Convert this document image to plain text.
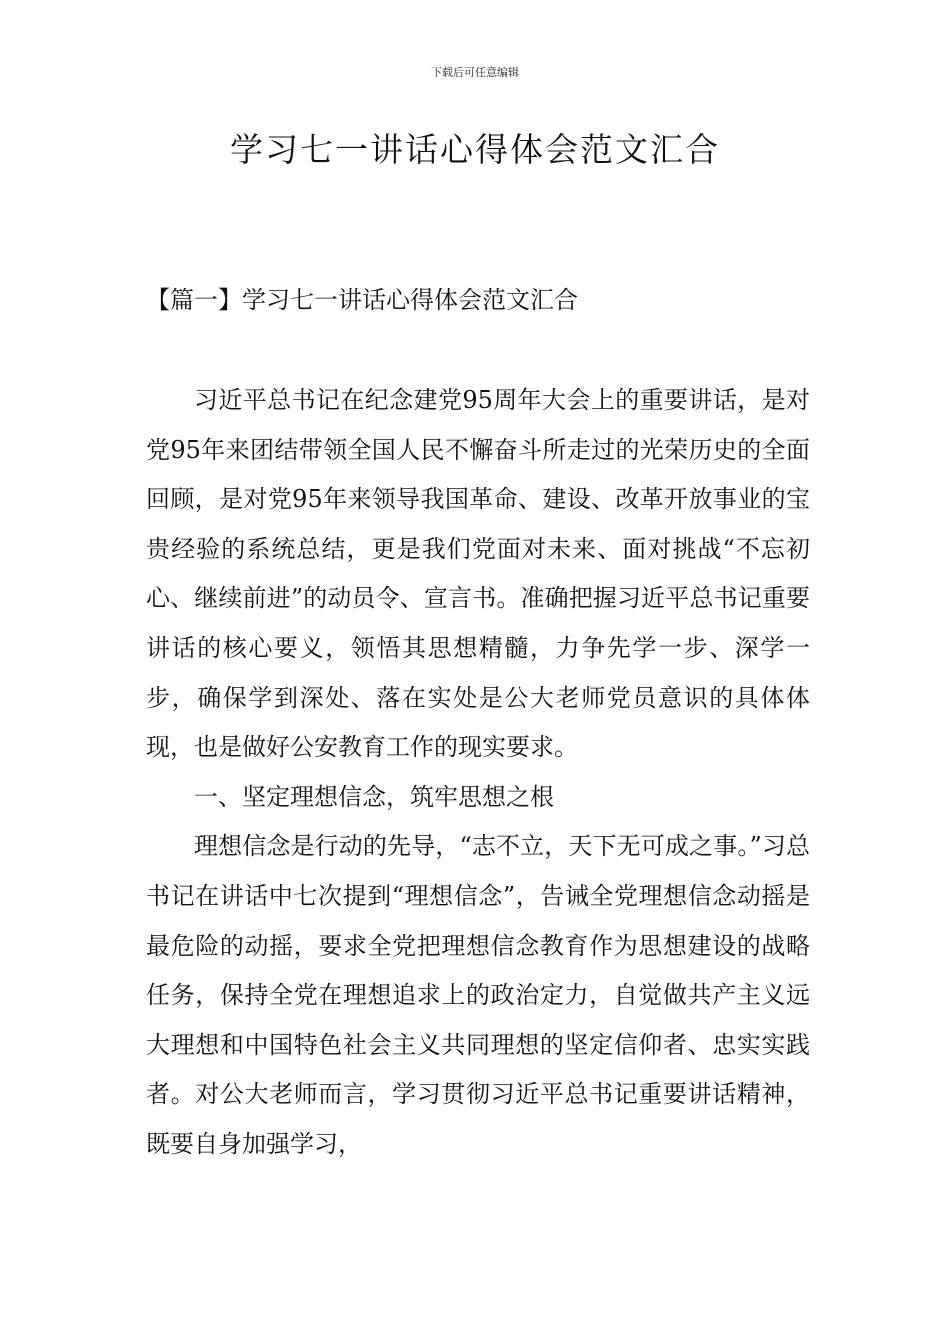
下载后可任意编辑
学习七一讲话心得体会范文汇合
【篇一】学习七一讲话心得体会范文汇合

习近平总书记在纪念建党95周年大会上的重要讲话，是对党95年来团结带领全国人民不懈奋斗所走过的光荣历史的全面回顾，是对党95年来领导我国革命、建设、改革开放事业的宝贵经验的系统总结，更是我们党面对未来、面对挑战“不忘初心、继续前进”的动员令、宣言书。准确把握习近平总书记重要讲话的核心要义，领悟其思想精髓，力争先学一步、深学一步，确保学到深处、落在实处是公大老师党员意识的具体体现，也是做好公安教育工作的现实要求。

一、坚定理想信念，筑牢思想之根

理想信念是行动的先导，“志不立，天下无可成之事。”习总书记在讲话中七次提到“理想信念”，告诫全党理想信念动摇是最危险的动摇，要求全党把理想信念教育作为思想建设的战略任务，保持全党在理想追求上的政治定力，自觉做共产主义远大理想和中国特色社会主义共同理想的坚定信仰者、忠实实践者。对公大老师而言，学习贯彻习近平总书记重要讲话精神，既要自身加强学习，
